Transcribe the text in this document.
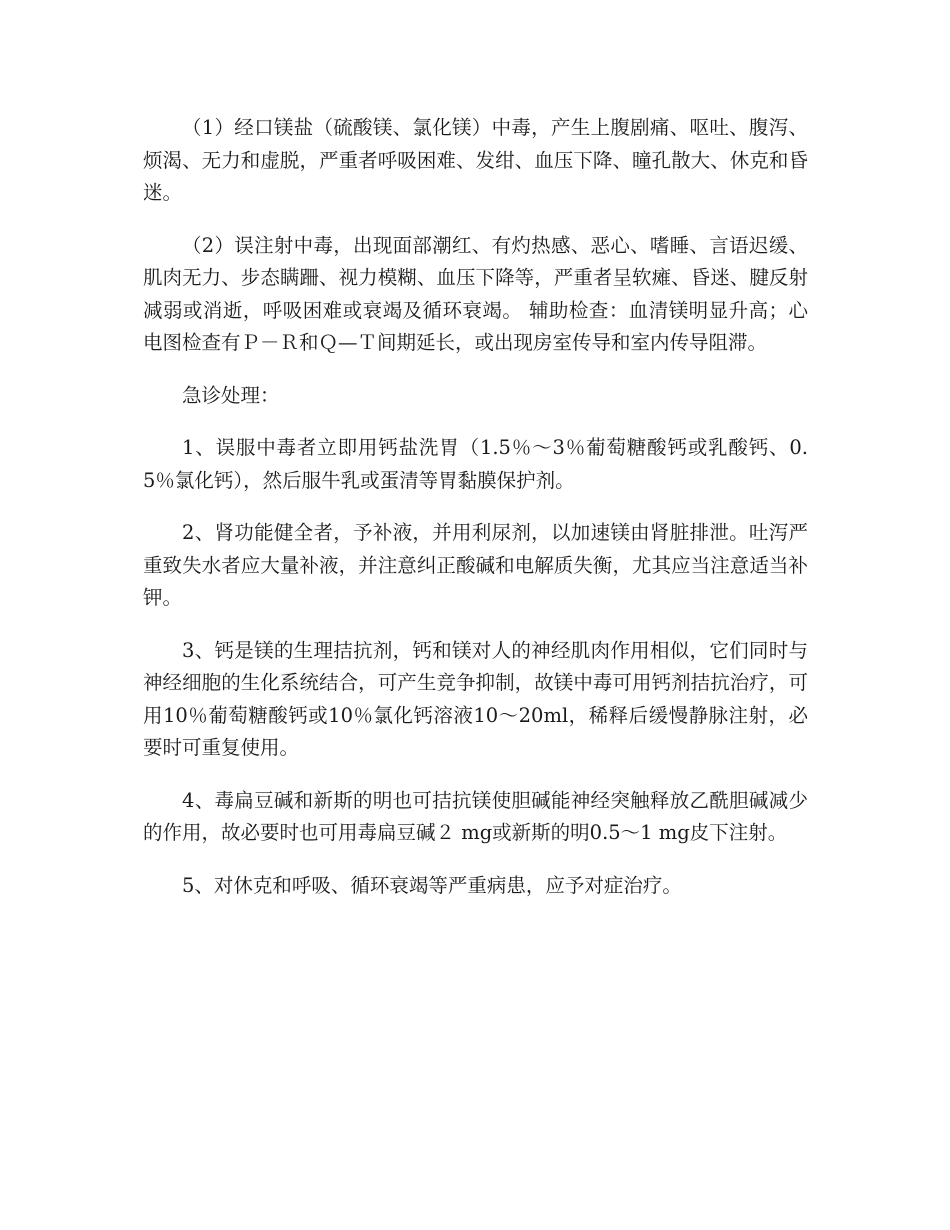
（1）经口镁盐（硫酸镁、氯化镁）中毒，产生上腹剧痛、呕吐、腹泻、烦渴、无力和虚脱，严重者呼吸困难、发绀、血压下降、瞳孔散大、休克和昏迷。

（2）误注射中毒，出现面部潮红、有灼热感、恶心、嗜睡、言语迟缓、肌肉无力、步态瞒跚、视力模糊、血压下降等，严重者呈软瘫、昏迷、腱反射减弱或消逝，呼吸困难或衰竭及循环衰竭。 辅助检查：血清镁明显升高；心电图检查有Ｐ－Ｒ和Ｑ—Ｔ间期延长，或出现房室传导和室内传导阻滞。

急诊处理：

1、误服中毒者立即用钙盐洗胃（1.5％～3％葡萄糖酸钙或乳酸钙、0.5％氯化钙），然后服牛乳或蛋清等胃黏膜保护剂。

2、肾功能健全者，予补液，并用利尿剂，以加速镁由肾脏排泄。吐泻严重致失水者应大量补液，并注意纠正酸碱和电解质失衡，尤其应当注意适当补钾。

3、钙是镁的生理拮抗剂，钙和镁对人的神经肌肉作用相似，它们同时与神经细胞的生化系统结合，可产生竞争抑制，故镁中毒可用钙剂拮抗治疗，可用10％葡萄糖酸钙或10％氯化钙溶液10～20ml，稀释后缓慢静脉注射，必要时可重复使用。

4、毒扁豆碱和新斯的明也可拮抗镁使胆碱能神经突触释放乙酰胆碱减少的作用，故必要时也可用毒扁豆碱２ mg或新斯的明0.5～1 mg皮下注射。

5、对休克和呼吸、循环衰竭等严重病患，应予对症治疗。
